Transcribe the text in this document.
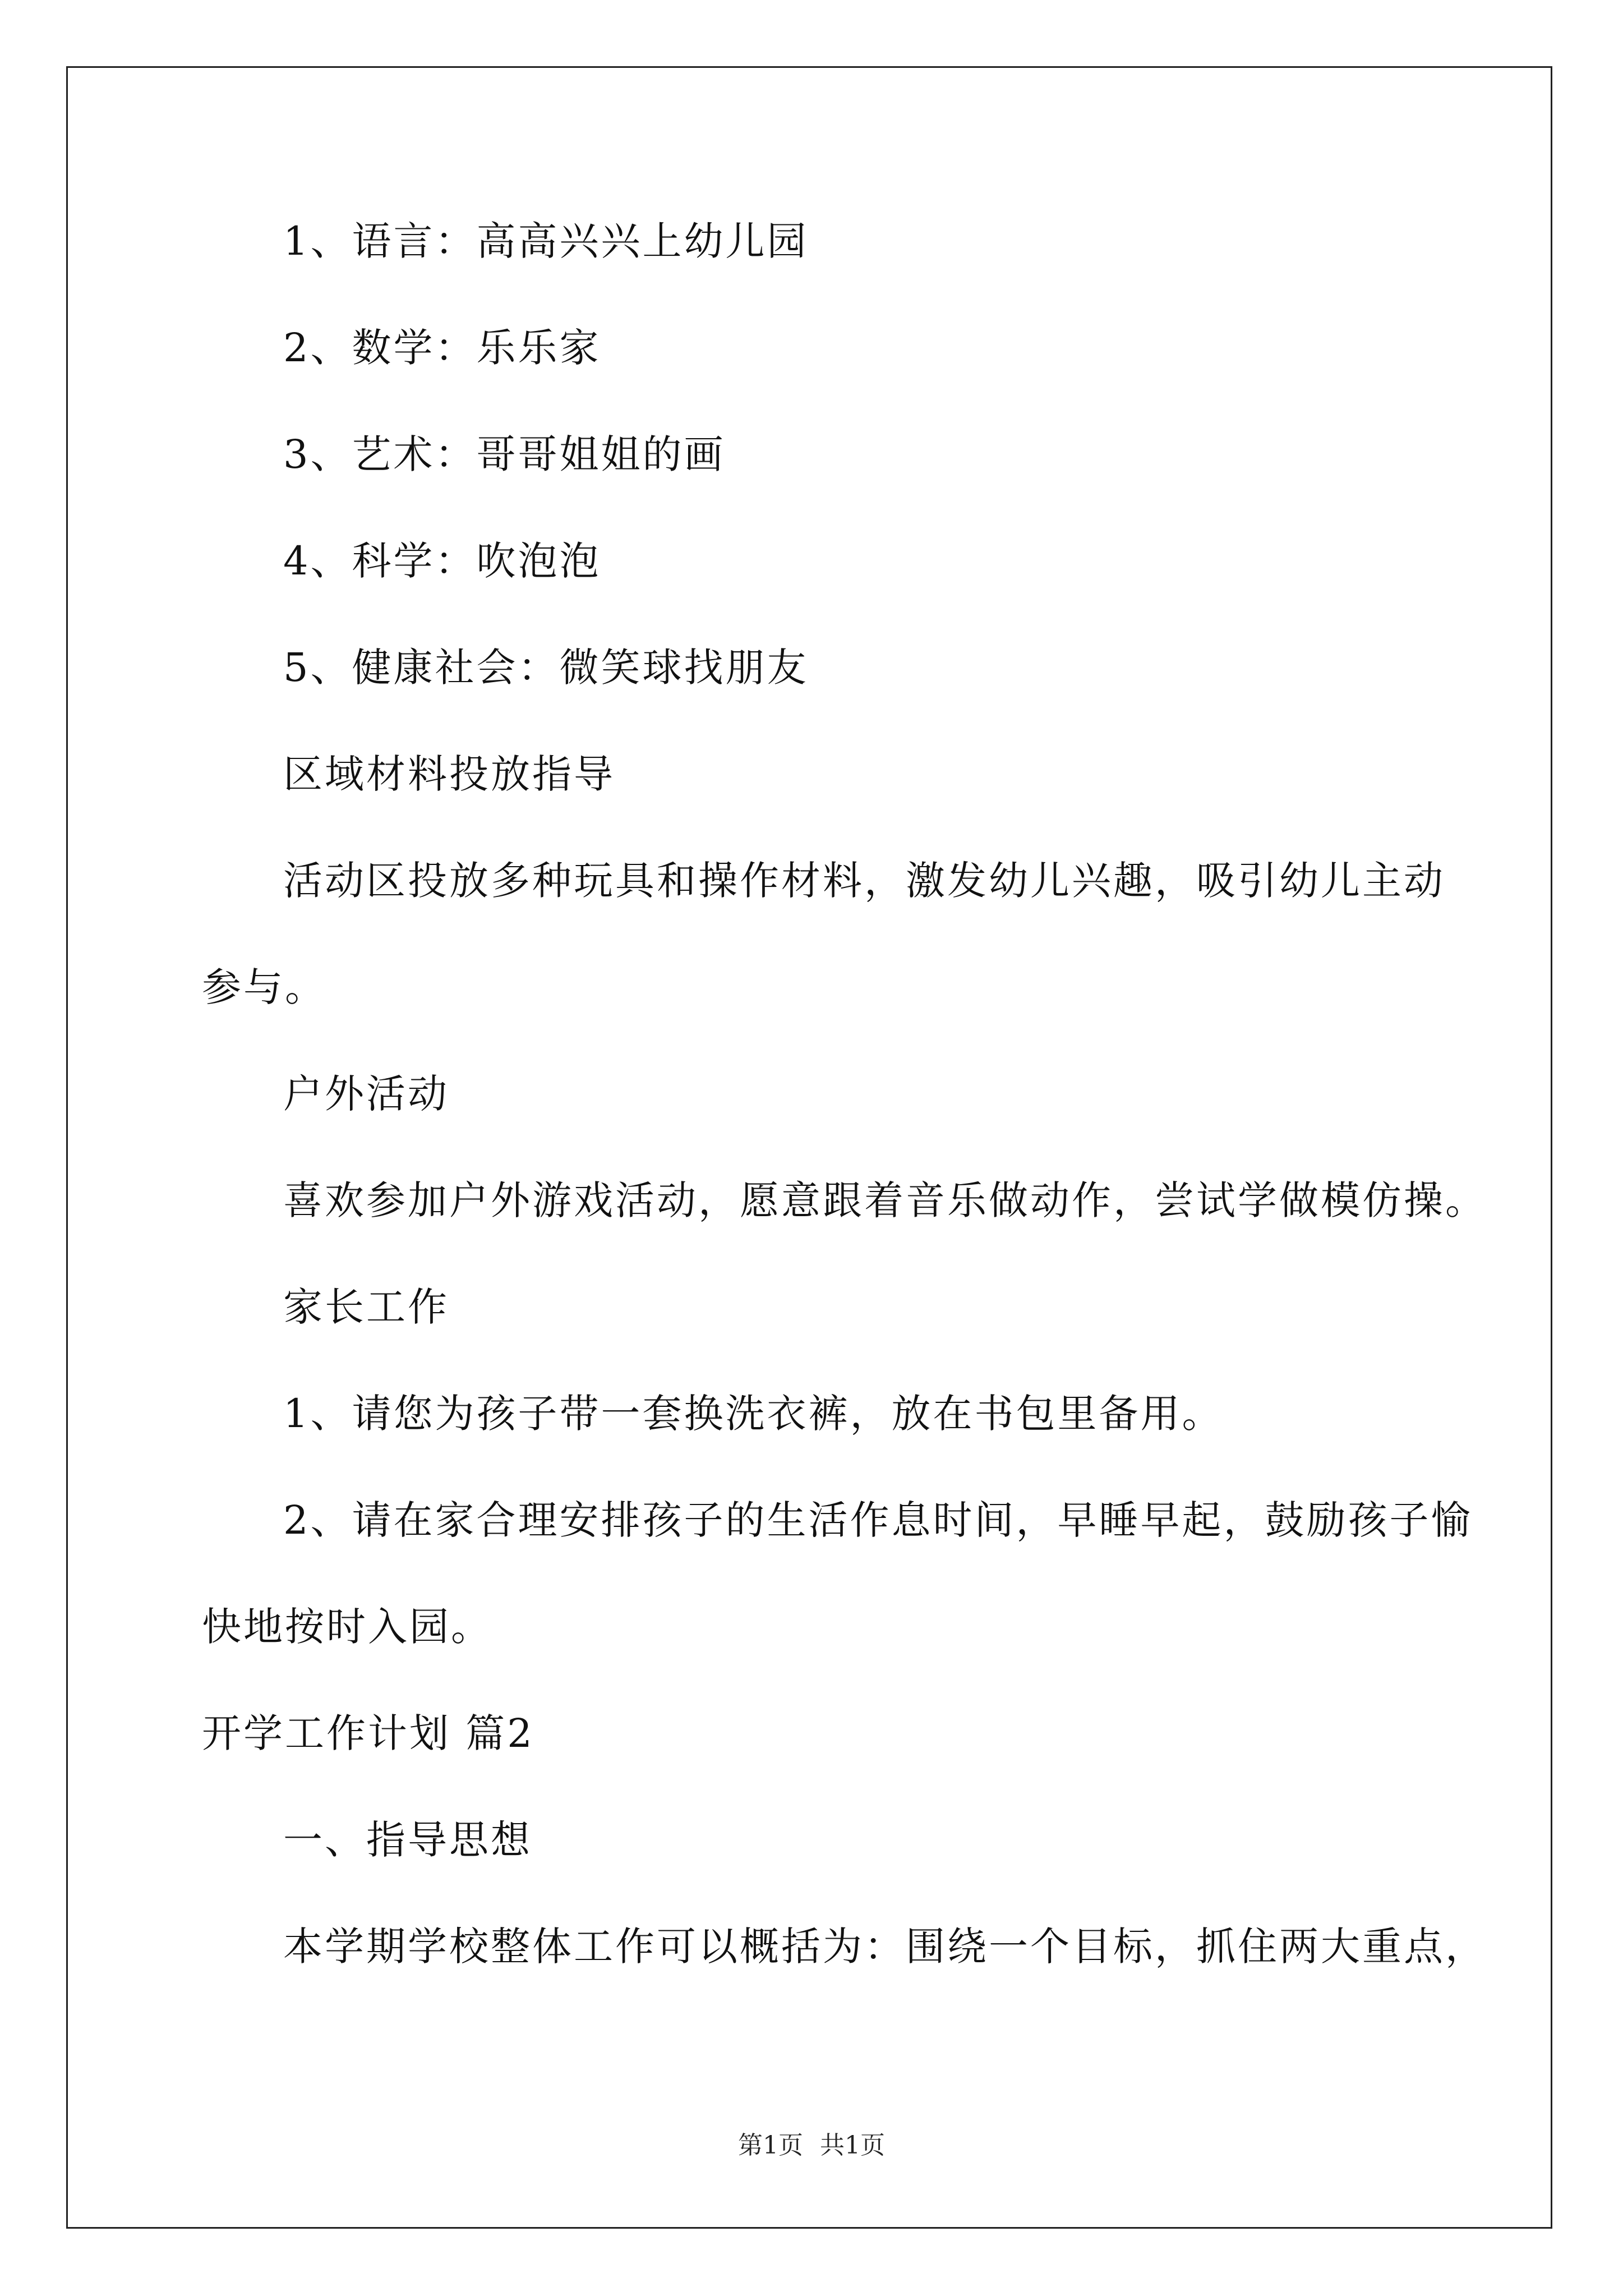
1、语言：高高兴兴上幼儿园

2、数学：乐乐家

3、艺术：哥哥姐姐的画

4、科学：吹泡泡

5、健康社会：微笑球找朋友

区域材料投放指导

活动区投放多种玩具和操作材料，激发幼儿兴趣，吸引幼儿主动

参与。

户外活动

喜欢参加户外游戏活动，愿意跟着音乐做动作，尝试学做模仿操。

家长工作

1、请您为孩子带一套换洗衣裤，放在书包里备用。

2、请在家合理安排孩子的生活作息时间，早睡早起，鼓励孩子愉

快地按时入园。

开学工作计划 篇2

一、指导思想

本学期学校整体工作可以概括为：围绕一个目标，抓住两大重点，

第1页 共1页
